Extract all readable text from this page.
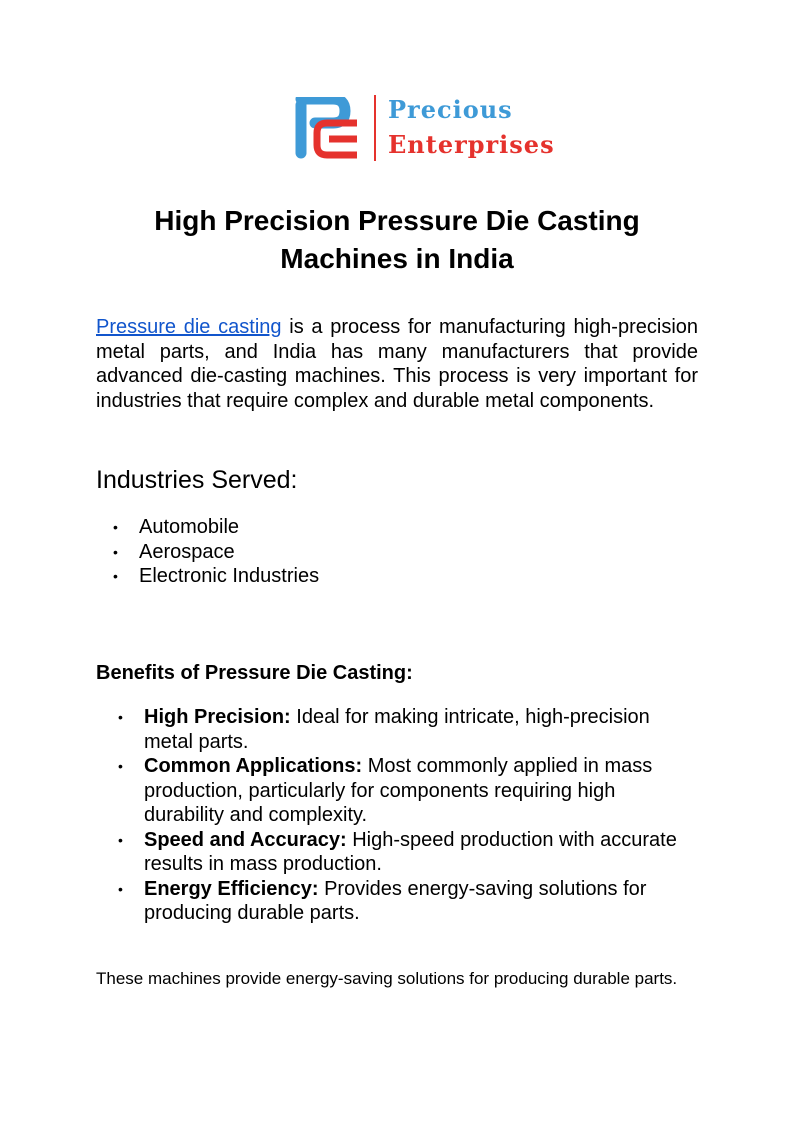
Precious
Enterprises
High Precision Pressure Die Casting Machines in India

Pressure die casting is a process for manufacturing high-precision metal parts, and India has many manufacturers that provide advanced die-casting machines. This process is very important for industries that require complex and durable metal components.

Industries Served:
• Automobile
• Aerospace
• Electronic Industries
Benefits of Pressure Die Casting:
• High Precision: Ideal for making intricate, high-precision metal parts.
• Common Applications: Most commonly applied in mass production, particularly for components requiring high durability and complexity.
• Speed and Accuracy: High-speed production with accurate results in mass production.
• Energy Efficiency: Provides energy-saving solutions for producing durable parts.

These machines provide energy-saving solutions for producing durable parts.
